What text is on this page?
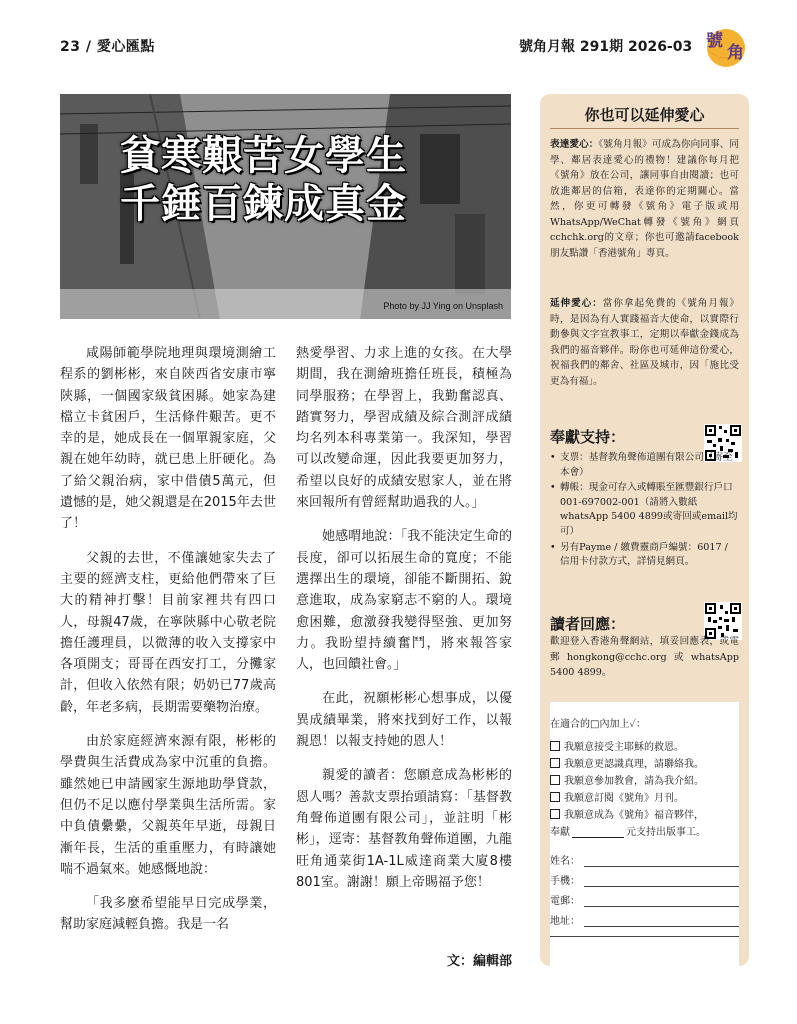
23 / 愛心匯點	號角月報 291期 2026-03 號
角
貧寒艱苦女學生
千錘百鍊成真金
Photo by JJ Ying on Unsplash

咸陽師範學院地理與環境測繪工程系的劉彬彬，來自陝西省安康市寧陝縣，一個國家級貧困縣。她家為建檔立卡貧困戶，生活條件艱苦。更不幸的是，她成長在一個單親家庭，父親在她年幼時，就已患上肝硬化。為了給父親治病，家中借債5萬元，但遺憾的是，她父親還是在2015年去世了！

父親的去世，不僅讓她家失去了主要的經濟支柱，更給他們帶來了巨大的精神打擊！目前家裡共有四口人，母親47歲，在寧陝縣中心敬老院擔任護理員，以微薄的收入支撐家中各項開支；哥哥在西安打工，分攤家計，但收入依然有限；奶奶已77歲高齡，年老多病，長期需要藥物治療。

由於家庭經濟來源有限，彬彬的學費與生活費成為家中沉重的負擔。雖然她已申請國家生源地助學貸款，但仍不足以應付學業與生活所需。家中負債纍纍，父親英年早逝，母親日漸年長，生活的重重壓力，有時讓她喘不過氣來。她感慨地說：

「我多麼希望能早日完成學業，幫助家庭減輕負擔。我是一名

熱愛學習、力求上進的女孩。在大學期間，我在測繪班擔任班長，積極為同學服務；在學習上，我勤奮認真、踏實努力，學習成績及綜合測評成績均名列本科專業第一。我深知，學習可以改變命運，因此我要更加努力，希望以良好的成績安慰家人，並在將來回報所有曾經幫助過我的人。」

她感喟地說：「我不能決定生命的長度，卻可以拓展生命的寬度；不能選擇出生的環境，卻能不斷開拓、銳意進取，成為家窮志不窮的人。環境愈困難，愈激發我變得堅強、更加努力。我盼望持續奮鬥，將來報答家人，也回饋社會。」

在此，祝願彬彬心想事成，以優異成績畢業，將來找到好工作，以報親恩！以報支持她的恩人！

親愛的讀者：您願意成為彬彬的恩人嗎？善款支票抬頭請寫：「基督教角聲佈道團有限公司」，並註明「彬彬」，逕寄：基督教角聲佈道團，九龍旺角通菜街1A-1L威達商業大廈8樓801室。謝謝！願上帝賜福予您！

文：編輯部
你也可以延伸愛心
表達愛心：《號角月報》可成為你向同事、同學、鄰居表達愛心的禮物！建議你每月把《號角》放在公司，讓同事自由閱讀；也可放進鄰居的信箱，表達你的定期關心。當然，你更可轉發《號角》電子版或用WhatsApp/WeChat轉發《號角》網頁cchchk.org的文章；你也可邀請facebook朋友點讚「香港號角」專頁。
延伸愛心：當你拿起免費的《號角月報》時，是因為有人實踐福音大使命，以實際行動參與文字宣教事工，定期以奉獻金錢成為我們的福音夥伴。盼你也可延伸這份愛心，祝福我們的鄰舍、社區及城市，因「施比受更為有福」。
奉獻支持：
• 支票：基督教角聲佈道團有限公司（寄至本會）
• 轉帳：現金可存入或轉賬至匯豐銀行戶口001-697002-001（請將入數紙whatsApp 5400 4899或寄回或email均可）
• 另有Payme / 繳費靈商戶編號：6017 / 信用卡付款方式，詳情見網頁。
讀者回應：
歡迎登入香港角聲網站，填妥回應表，或電郵hongkong@cchc.org或whatsApp 5400 4899。
在適合的□內加上✓：
我願意接受主耶穌的救恩。
我願意更認識真理，請聯絡我。
我願意參加教會，請為我介紹。
我願意訂閱《號角》月刊。
我願意成為《號角》福音夥伴，
奉獻	元支持出版事工。
姓名：
手機：
電郵：
地址：
